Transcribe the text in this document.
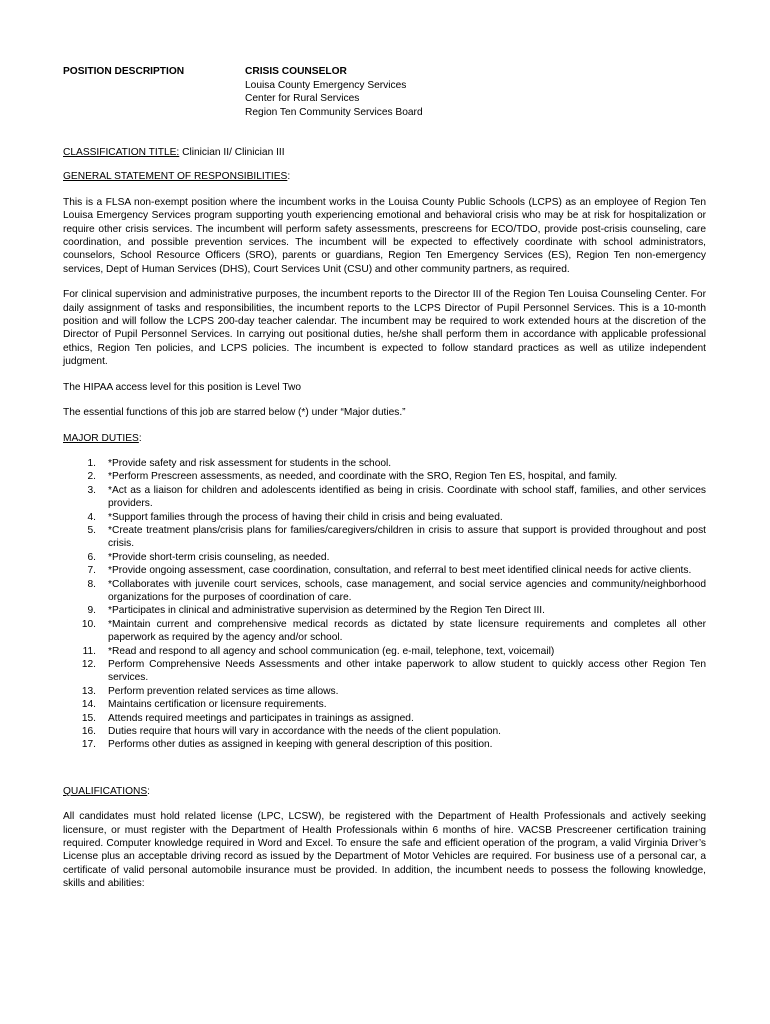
POSITION DESCRIPTION	CRISIS COUNSELOR
Louisa County Emergency Services
Center for Rural Services
Region Ten Community Services Board

CLASSIFICATION TITLE: Clinician II/ Clinician III

GENERAL STATEMENT OF RESPONSIBILITIES:

This is a FLSA non-exempt position where the incumbent works in the Louisa County Public Schools (LCPS) as an employee of Region Ten Louisa Emergency Services program supporting youth experiencing emotional and behavioral crisis who may be at risk for hospitalization or require other crisis services. The incumbent will perform safety assessments, prescreens for ECO/TDO, provide post-crisis counseling, care coordination, and possible prevention services. The incumbent will be expected to effectively coordinate with school administrators, counselors, School Resource Officers (SRO), parents or guardians, Region Ten Emergency Services (ES), Region Ten non-emergency services, Dept of Human Services (DHS), Court Services Unit (CSU) and other community partners, as required.

For clinical supervision and administrative purposes, the incumbent reports to the Director III of the Region Ten Louisa Counseling Center. For daily assignment of tasks and responsibilities, the incumbent reports to the LCPS Director of Pupil Personnel Services. This is a 10-month position and will follow the LCPS 200-day teacher calendar. The incumbent may be required to work extended hours at the discretion of the Director of Pupil Personnel Services. In carrying out positional duties, he/she shall perform them in accordance with applicable professional ethics, Region Ten policies, and LCPS policies. The incumbent is expected to follow standard practices as well as utilize independent judgment.

The HIPAA access level for this position is Level Two

The essential functions of this job are starred below (*) under “Major duties.”

MAJOR DUTIES:

1. *Provide safety and risk assessment for students in the school.
2. *Perform Prescreen assessments, as needed, and coordinate with the SRO, Region Ten ES, hospital, and family.
3. *Act as a liaison for children and adolescents identified as being in crisis. Coordinate with school staff, families, and other services providers.
4. *Support families through the process of having their child in crisis and being evaluated.
5. *Create treatment plans/crisis plans for families/caregivers/children in crisis to assure that support is provided throughout and post crisis.
6. *Provide short-term crisis counseling, as needed.
7. *Provide ongoing assessment, case coordination, consultation, and referral to best meet identified clinical needs for active clients.
8. *Collaborates with juvenile court services, schools, case management, and social service agencies and community/neighborhood organizations for the purposes of coordination of care.
9. *Participates in clinical and administrative supervision as determined by the Region Ten Direct III.
10. *Maintain current and comprehensive medical records as dictated by state licensure requirements and completes all other paperwork as required by the agency and/or school.
11. *Read and respond to all agency and school communication (eg. e-mail, telephone, text, voicemail)
12. Perform Comprehensive Needs Assessments and other intake paperwork to allow student to quickly access other Region Ten services.
13. Perform prevention related services as time allows.
14. Maintains certification or licensure requirements.
15. Attends required meetings and participates in trainings as assigned.
16. Duties require that hours will vary in accordance with the needs of the client population.
17. Performs other duties as assigned in keeping with general description of this position.

QUALIFICATIONS:

All candidates must hold related license (LPC, LCSW), be registered with the Department of Health Professionals and actively seeking licensure, or must register with the Department of Health Professionals within 6 months of hire. VACSB Prescreener certification training required. Computer knowledge required in Word and Excel. To ensure the safe and efficient operation of the program, a valid Virginia Driver’s License plus an acceptable driving record as issued by the Department of Motor Vehicles are required. For business use of a personal car, a certificate of valid personal automobile insurance must be provided. In addition, the incumbent needs to possess the following knowledge, skills and abilities:
